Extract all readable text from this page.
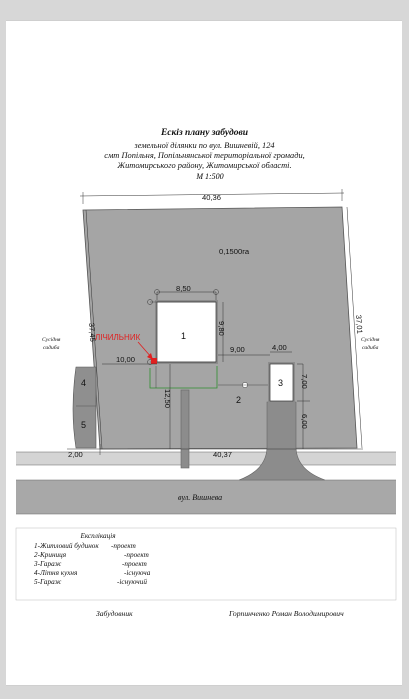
Ескіз плану забудови
земельної ділянки по вул. Вишневій, 124
смт Попільня, Попільнянської територіальної громади,
Житомирського району, Житомирської області.
М 1:500
4
5
40,36
37,45	37,01
40,37
2,00
0,1500га
8,50
1
9,80
ЛІЧИЛЬНИК
10,00
12,50
9,00
2
4,00
3 7,00
6,00
Сусідня
садиба
Сусідня
садиба
вул. Вишнева
Експлікація
1-Житловий будинок -проект
2-Криниця	-проект
3-Гараж	-проект
4-Літня кухня	-існуюча
5-Гараж	-існуючий
Забудовник	Горпинченко Роман Володимирович
